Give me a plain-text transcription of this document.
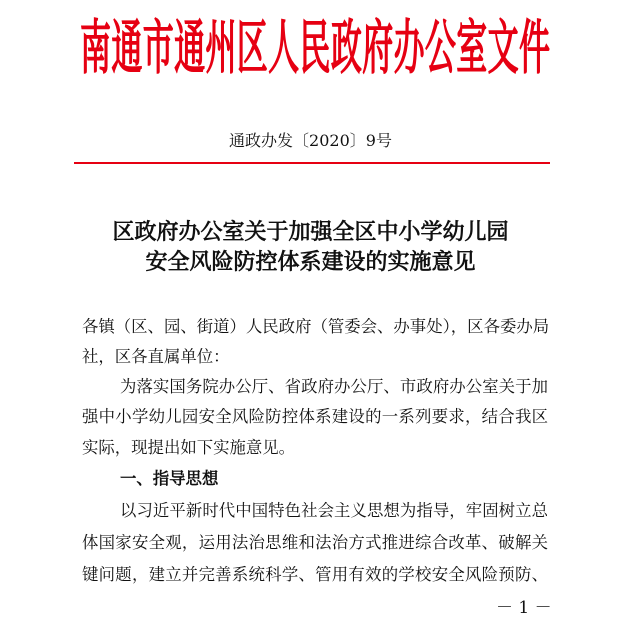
南通市通州区人民政府办公室文件
通政办发〔2020〕9号
区政府办公室关于加强全区中小学幼儿园
安全风险防控体系建设的实施意见
各镇（区、园、街道）人民政府（管委会、办事处），区各委办局
社，区各直属单位：
为落实国务院办公厅、省政府办公厅、市政府办公室关于加
强中小学幼儿园安全风险防控体系建设的一系列要求，结合我区
实际，现提出如下实施意见。
一、指导思想
以习近平新时代中国特色社会主义思想为指导，牢固树立总
体国家安全观，运用法治思维和法治方式推进综合改革、破解关
键问题，建立并完善系统科学、管用有效的学校安全风险预防、
－ 1 －
